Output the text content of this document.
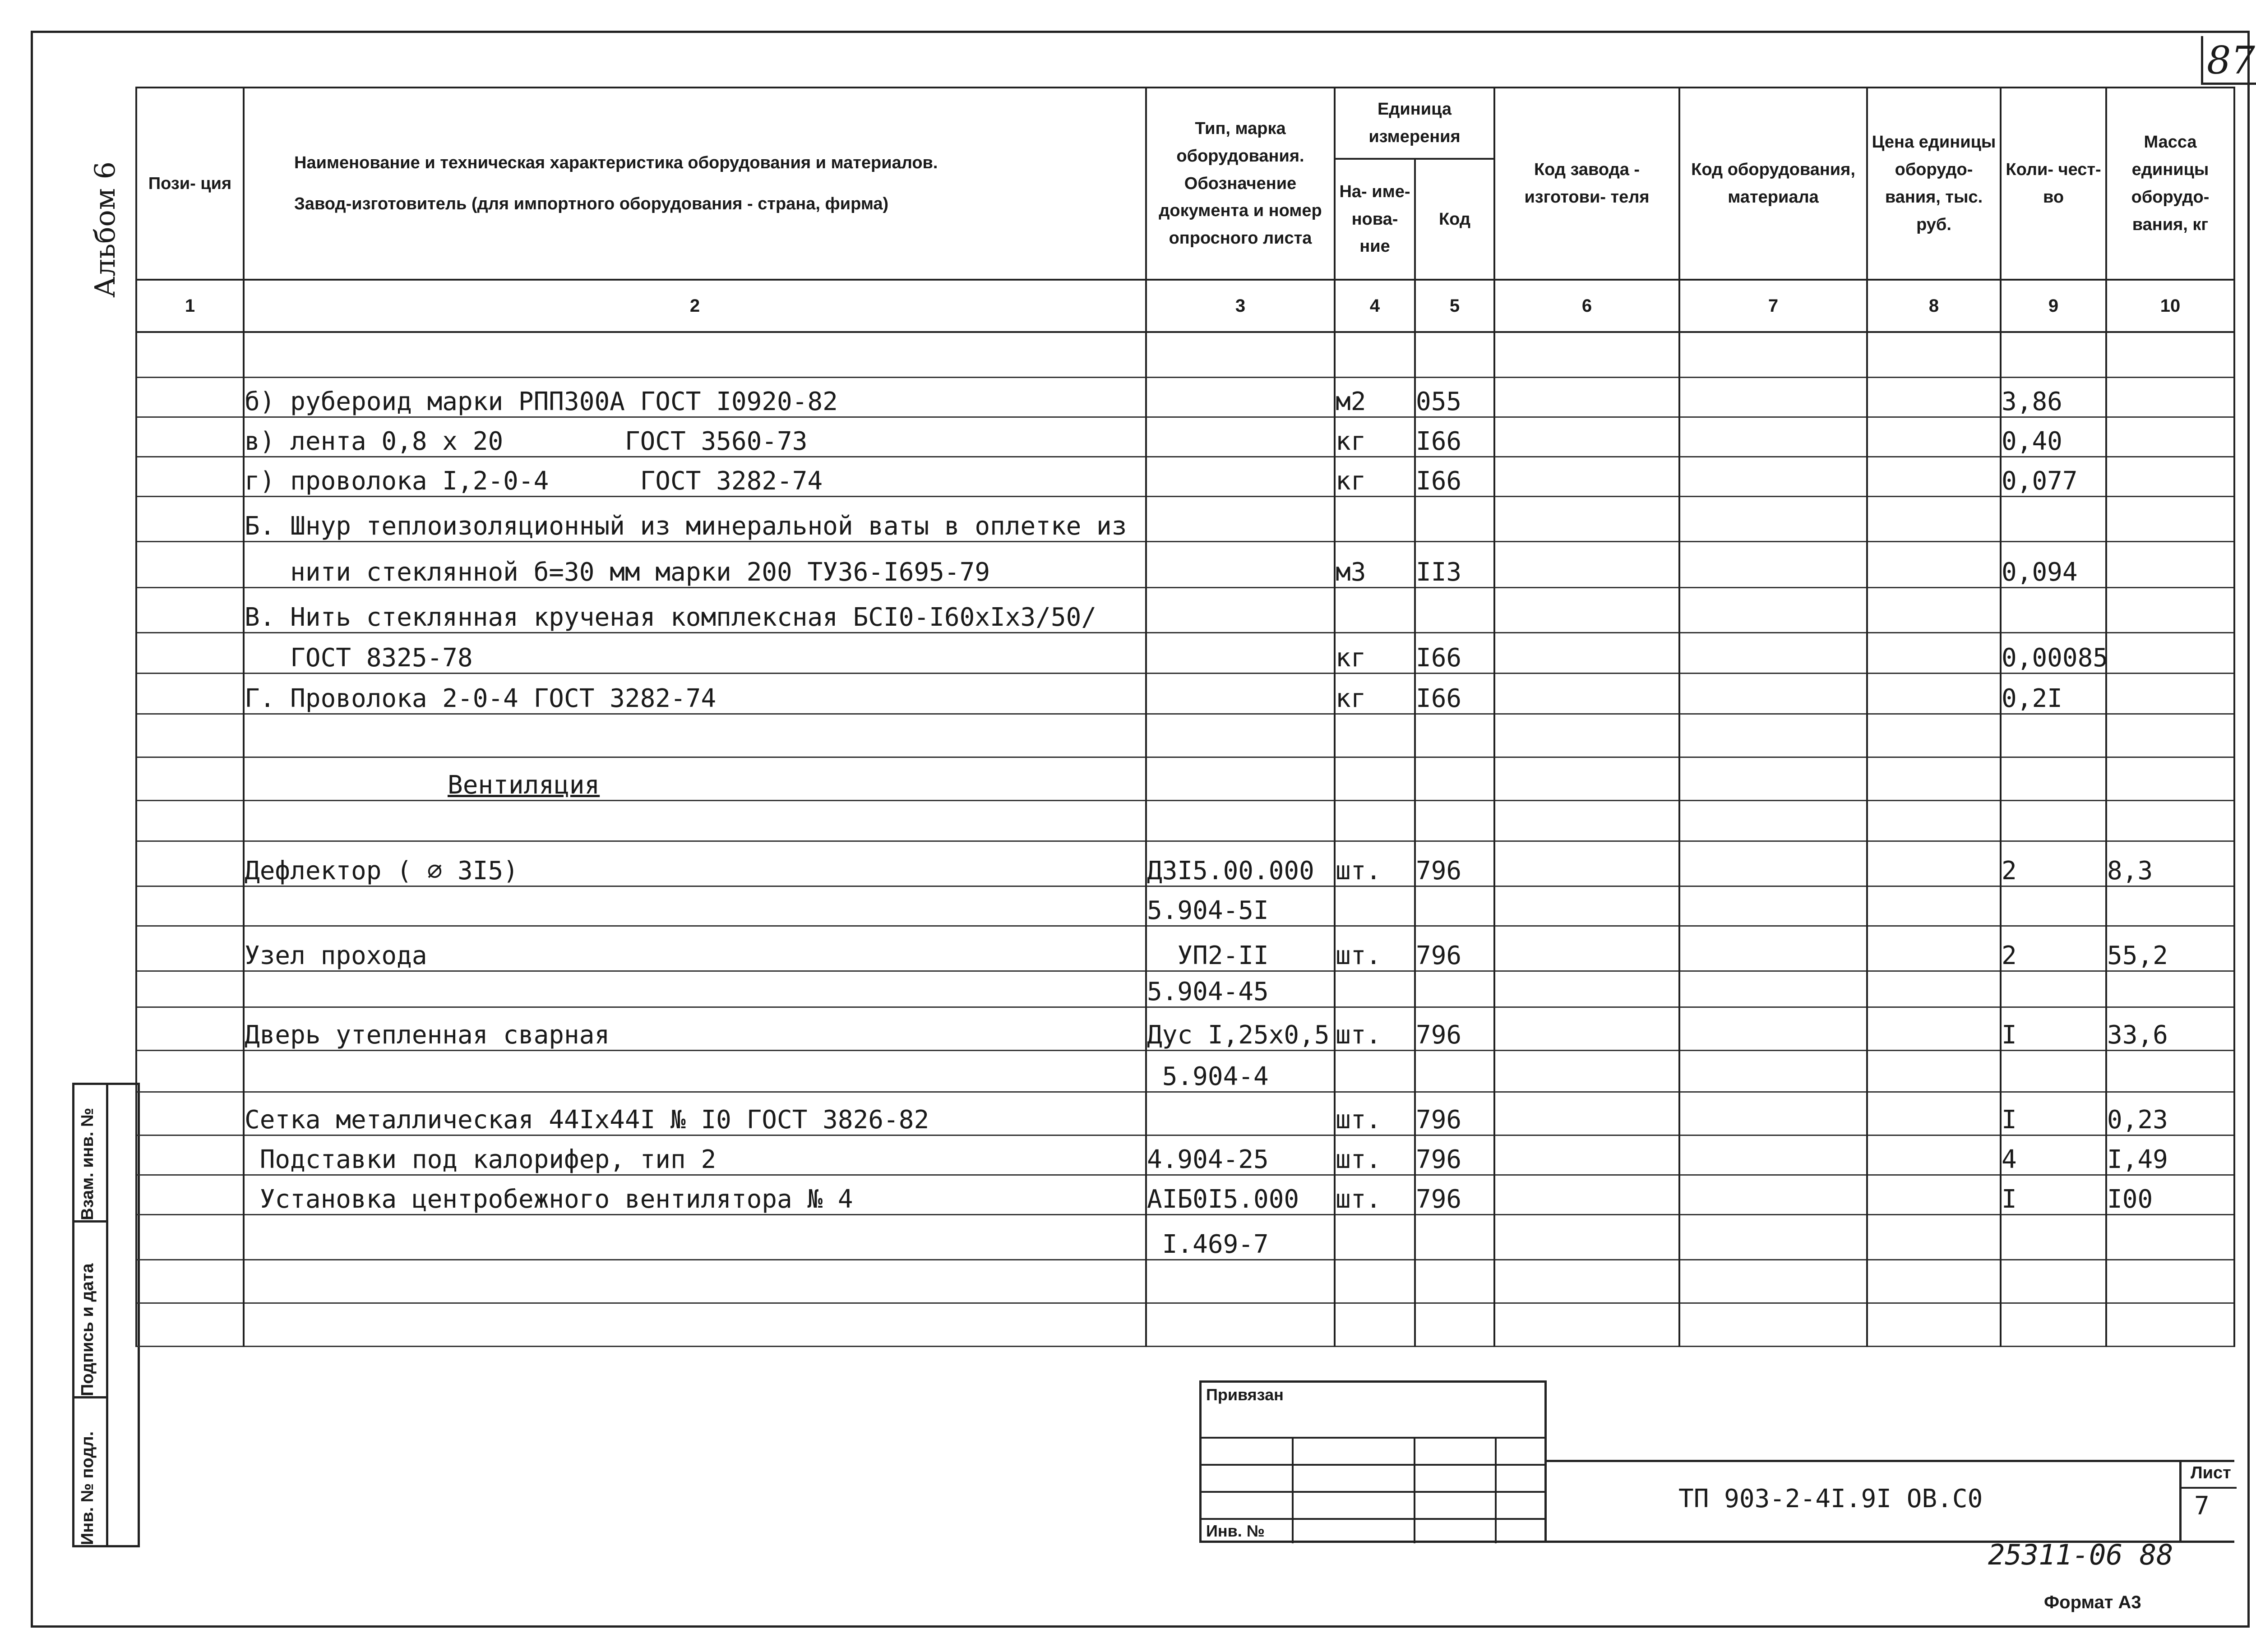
87
Альбом 6
Взам. инв. №
Подпись и дата
Инв. № подл.
Пози- ция	Наименование и техническая характеристика оборудования и материалов.
Завод-изготовитель (для импортного оборудования - страна, фирма)	Тип, марка оборудования. Обозначение документа и номер опросного листа	Единица измерения		Код завода - изготови- теля	Код оборудования, материала	Цена единицы оборудо- вания, тыс. руб.	Коли- чест- во	Масса единицы оборудо- вания, кг
			На- име- нова- ние	Код					
1	2	3	4	5	6	7	8	9	10

	б) рубероид марки РПП300А ГОСТ I0920-82		м2	055				3,86	
	в) лента 0,8 х 20        ГОСТ 3560-73		кг	I66				0,40	
	г) проволока I,2-0-4      ГОСТ 3282-74		кг	I66				0,077	
	Б. Шнур теплоизоляционный из минеральной ваты в оплетке из								
	нити стеклянной б=30 мм марки 200 ТУ36-I695-79		м3	II3				0,094	
	В. Нить стеклянная крученая комплексная БСI0-I60хIх3/50/								
	ГОСТ 8325-78		кг	I66				0,00085	
	Г. Проволока 2-0-4 ГОСТ 3282-74		кг	I66				0,2I	

	Вентиляция								

	Дефлектор ( ⌀ 3I5)	ДЗI5.00.000	шт.	796				2	8,3
		5.904-5I							
	Узел прохода	УП2-II	шт.	796				2	55,2
		5.904-45							
	Дверь утепленная сварная	Дус I,25х0,5	шт.	796				I	33,6
		5.904-4							
	Сетка металлическая 44Iх44I № I0 ГОСТ 3826-82		шт.	796				I	0,23
	Подставки под калорифер, тип 2	4.904-25	шт.	796				4	I,49
	Установка центробежного вентилятора № 4	АIБ0I5.000	шт.	796				I	I00
		I.469-7							

Привязан
Инв. №
ТП 903-2-4I.9I ОВ.С0
Лист
7
25311-06 88
Формат А3
